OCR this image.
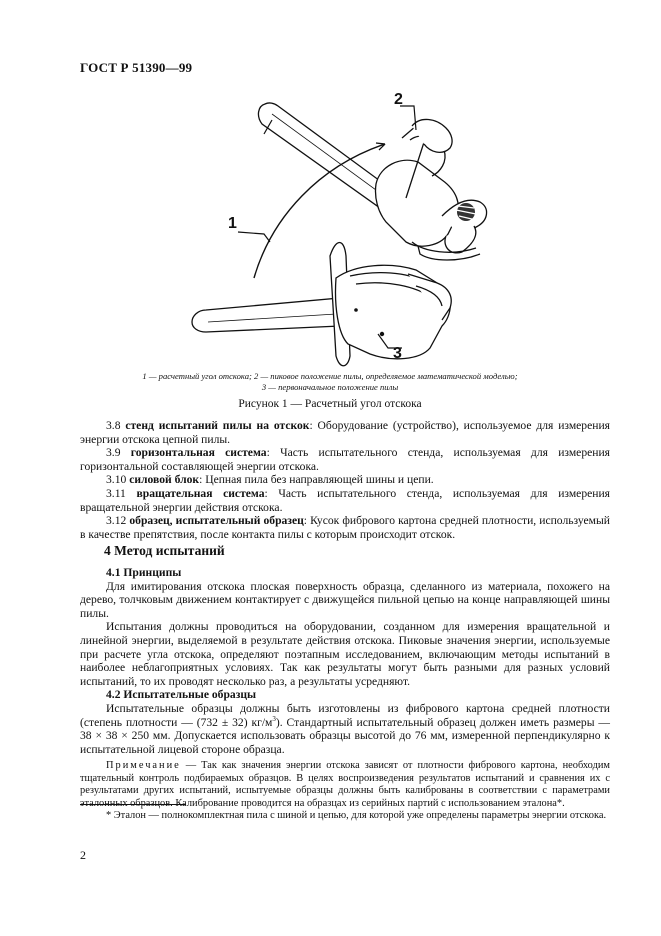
ГОСТ Р 51390—99
1
2
3
1 — расчетный угол отскока; 2 — пиковое положение пилы, определяемое математической моделью;
3 — первоначальное положение пилы
Рисунок 1 — Расчетный угол отскока

3.8 стенд испытаний пилы на отскок: Оборудование (устройство), используемое для измерения энергии отскока цепной пилы.

3.9 горизонтальная система: Часть испытательного стенда, используемая для измерения горизонтальной составляющей энергии отскока.

3.10 силовой блок: Цепная пила без направляющей шины и цепи.

3.11 вращательная система: Часть испытательного стенда, используемая для измерения вращательной энергии действия отскока.

3.12 образец, испытательный образец: Кусок фибрового картона средней плотности, используемый в качестве препятствия, после контакта пилы с которым происходит отскок.

4 Метод испытаний

4.1 Принципы

Для имитирования отскока плоская поверхность образца, сделанного из материала, похожего на дерево, толчковым движением контактирует с движущейся пильной цепью на конце направляющей шины пилы.

Испытания должны проводиться на оборудовании, созданном для измерения вращательной и линейной энергии, выделяемой в результате действия отскока. Пиковые значения энергии, используемые при расчете угла отскока, определяют поэтапным исследованием, включающим методы испытаний в наиболее неблагоприятных условиях. Так как результаты могут быть разными для разных условий испытаний, то их проводят несколько раз, а результаты усредняют.

4.2 Испытательные образцы

Испытательные образцы должны быть изготовлены из фибрового картона средней плотности (степень плотности — (732 ± 32) $кг/м^3$). Стандартный испытательный образец должен иметь размеры — 38 × 38 × 250 мм. Допускается использовать образцы высотой до 76 мм, измеренной перпендикулярно к испытательной лицевой стороне образца.

Примечание — Так как значения энергии отскока зависят от плотности фибрового картона, необходим тщательный контроль подбираемых образцов. В целях воспроизведения результатов испытаний и сравнения их с результатами других испытаний, испытуемые образцы должны быть калиброваны в соответствии с параметрами эталонных образцов. Калибрование проводится на образцах из серийных партий с использованием эталона*.

* Эталон — полнокомплектная пила с шиной и цепью, для которой уже определены параметры энергии отскока.

2
